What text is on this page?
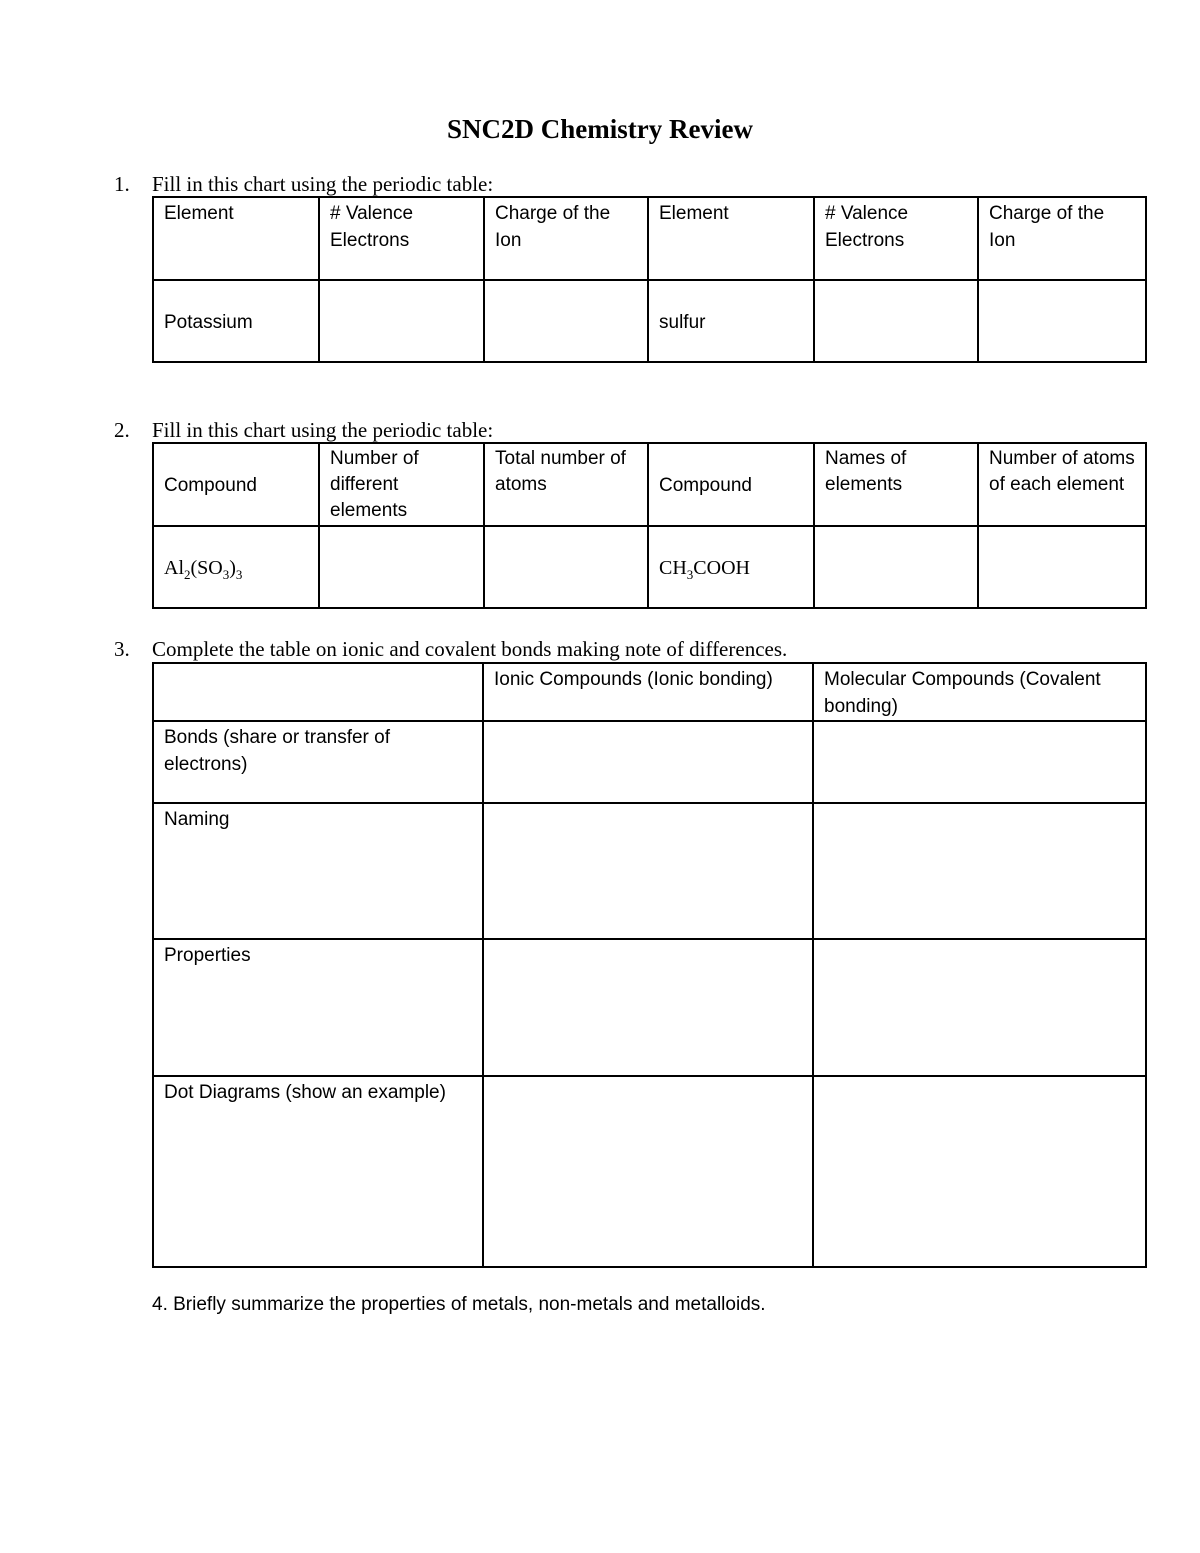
SNC2D Chemistry Review
1. Fill in this chart using the periodic table:
Element	# Valence Electrons	Charge of the Ion	Element	# Valence Electrons	Charge of the Ion
Potassium			sulfur		
2. Fill in this chart using the periodic table:
Compound	Number of different elements	Total number of atoms	Compound	Names of elements	Number of atoms of each element
$Al_2(SO_3)_3$			$CH_3COOH$		
3. Complete the table on ionic and covalent bonds making note of differences.
	Ionic Compounds (Ionic bonding)	Molecular Compounds (Covalent bonding)
Bonds (share or transfer of electrons)		
Naming		
Properties		
Dot Diagrams (show an example)		
4. Briefly summarize the properties of metals, non-metals and metalloids.
